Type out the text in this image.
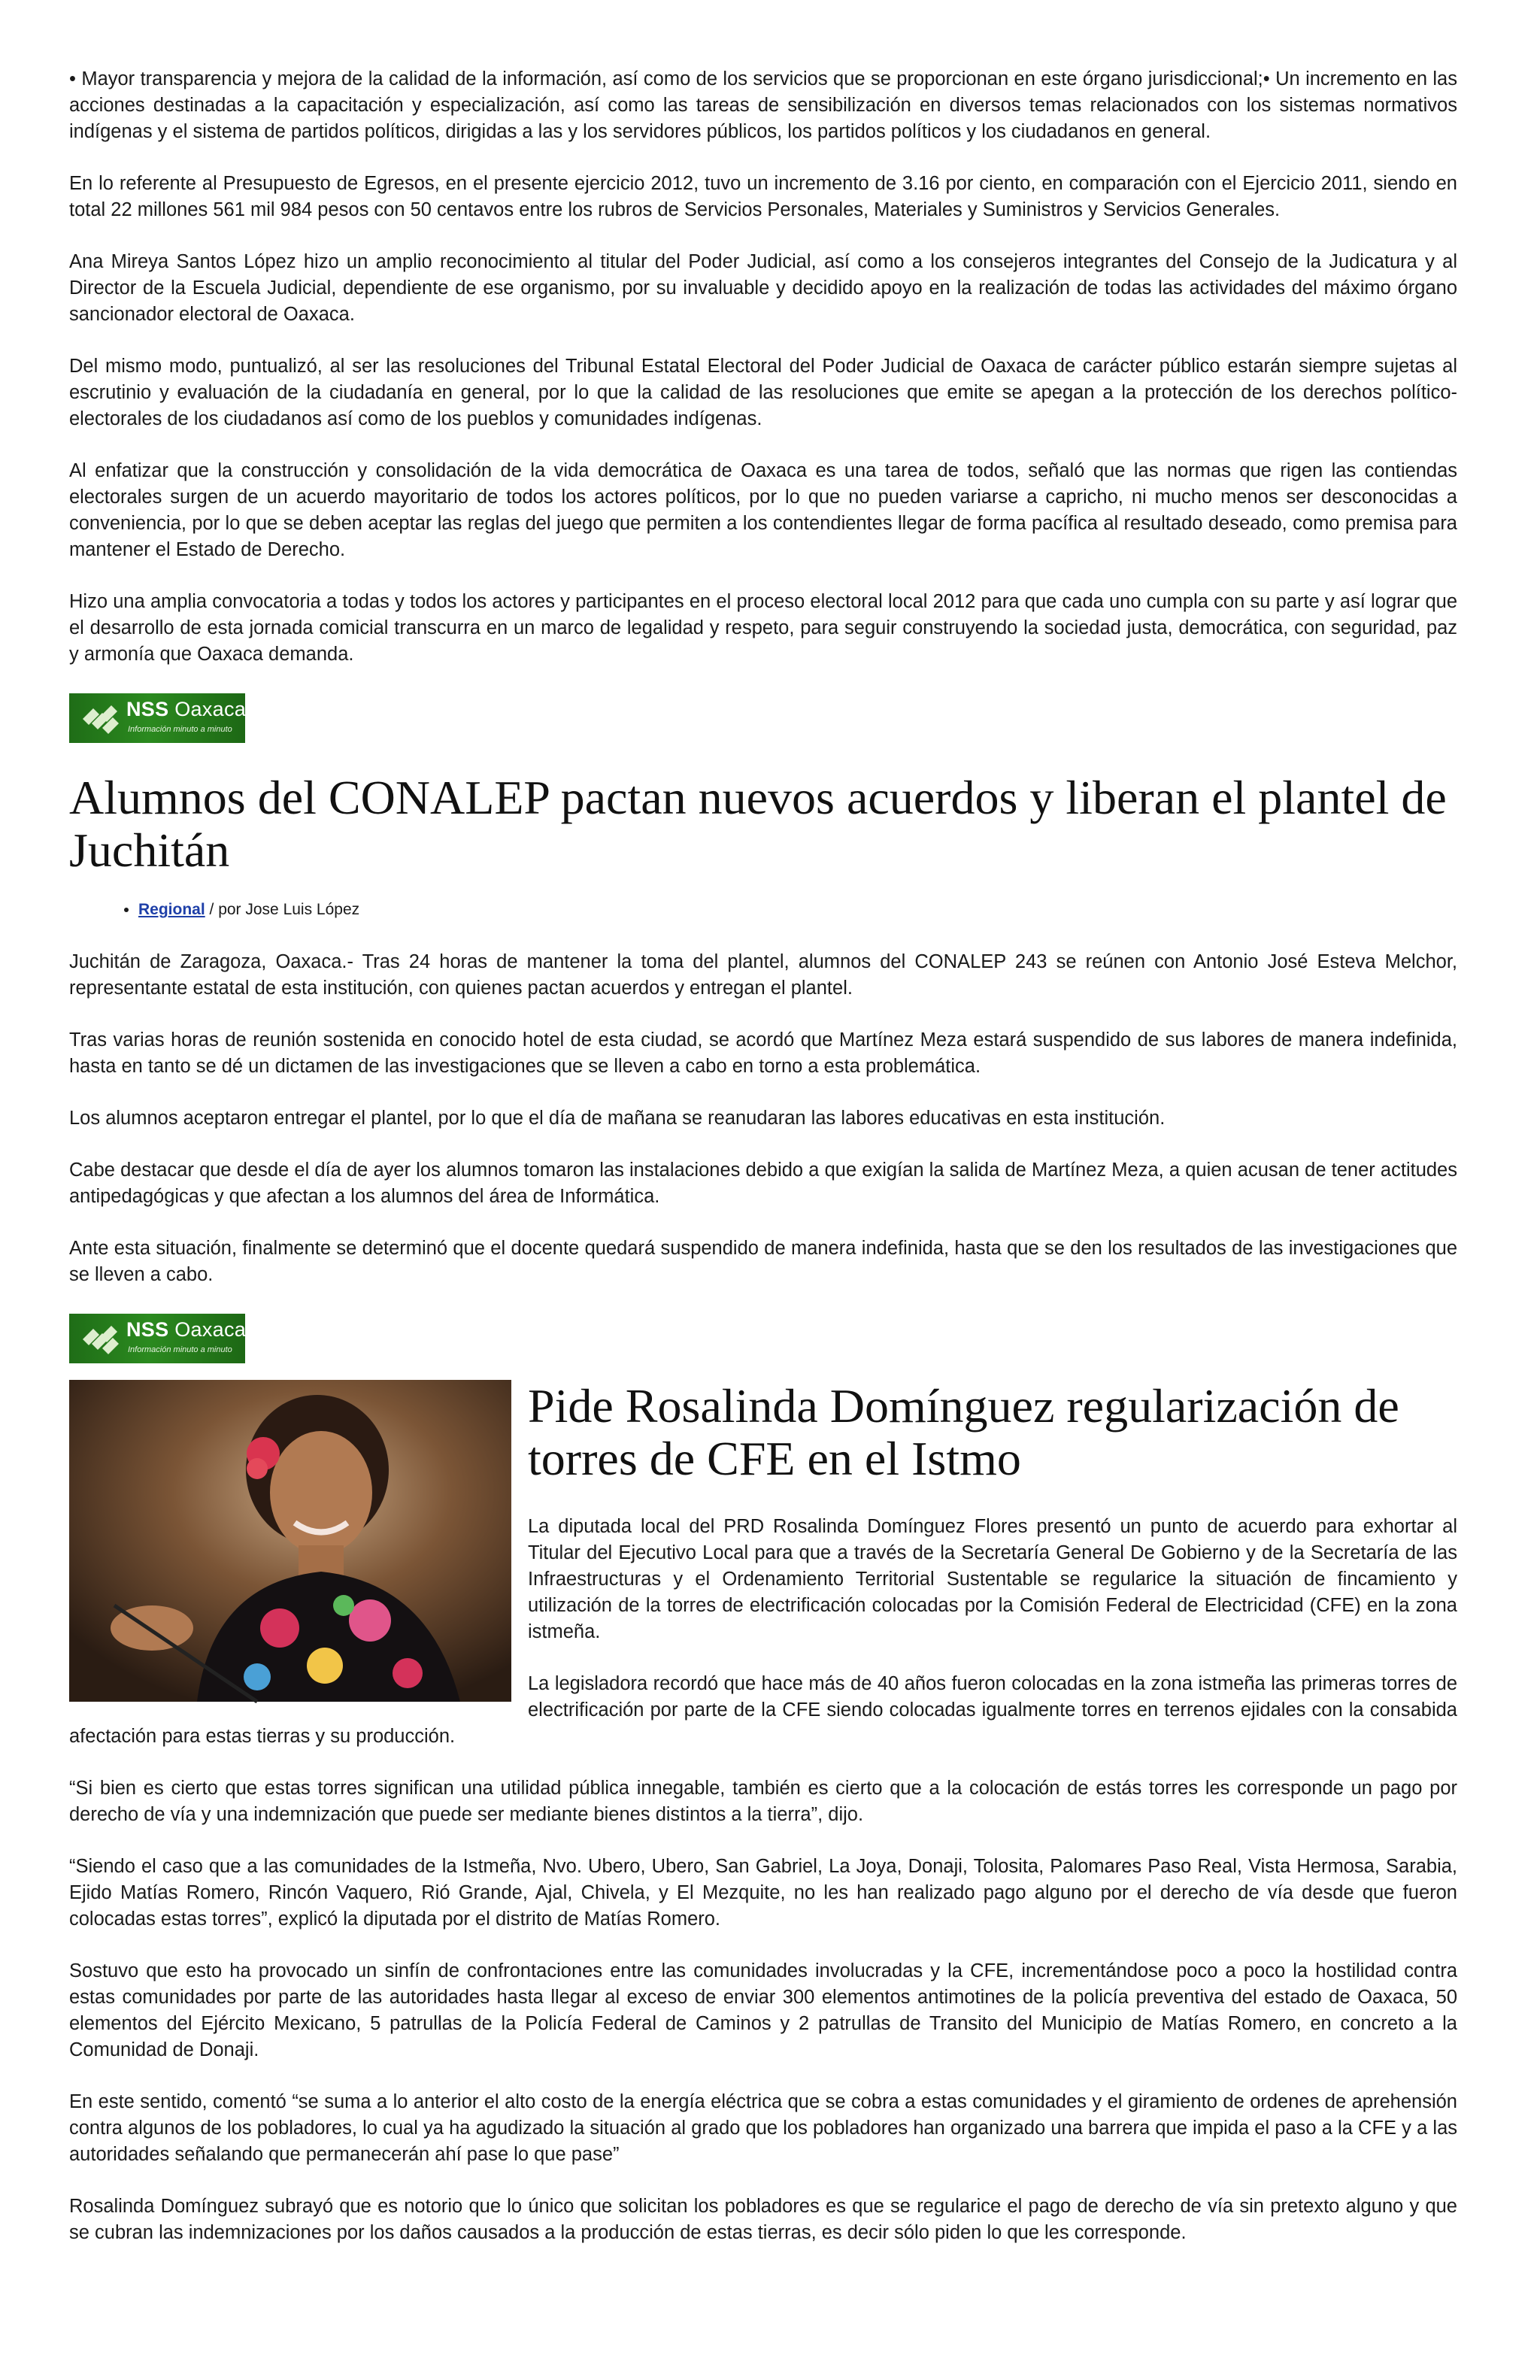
• Mayor transparencia y mejora de la calidad de la información, así como de los servicios que se proporcionan en este órgano jurisdiccional;• Un incremento en las acciones destinadas a la capacitación y especialización, así como las tareas de sensibilización en diversos temas relacionados con los sistemas normativos indígenas y el sistema de partidos políticos, dirigidas a las y los servidores públicos, los partidos políticos y los ciudadanos en general.

En lo referente al Presupuesto de Egresos, en el presente ejercicio 2012, tuvo un incremento de 3.16 por ciento, en comparación con el Ejercicio 2011, siendo en total 22 millones 561 mil 984 pesos con 50 centavos entre los rubros de Servicios Personales, Materiales y Suministros y Servicios Generales.

Ana Mireya Santos López hizo un amplio reconocimiento al titular del Poder Judicial, así como a los consejeros integrantes del Consejo de la Judicatura y al Director de la Escuela Judicial, dependiente de ese organismo, por su invaluable y decidido apoyo en la realización de todas las actividades del máximo órgano sancionador electoral de Oaxaca.

Del mismo modo, puntualizó, al ser las resoluciones del Tribunal Estatal Electoral del Poder Judicial de Oaxaca de carácter público estarán siempre sujetas al escrutinio y evaluación de la ciudadanía en general, por lo que la calidad de las resoluciones que emite se apegan a la protección de los derechos político-electorales de los ciudadanos así como de los pueblos y comunidades indígenas.

Al enfatizar que la construcción y consolidación de la vida democrática de Oaxaca es una tarea de todos, señaló que las normas que rigen las contiendas electorales surgen de un acuerdo mayoritario de todos los actores políticos, por lo que no pueden variarse a capricho, ni mucho menos ser desconocidas a conveniencia, por lo que se deben aceptar las reglas del juego que permiten a los contendientes llegar de forma pacífica al resultado deseado, como premisa para mantener el Estado de Derecho.

Hizo una amplia convocatoria a todas y todos los actores y participantes en el proceso electoral local 2012 para que cada uno cumpla con su parte y así lograr que el desarrollo de esta jornada comicial transcurra en un marco de legalidad y respeto, para seguir construyendo la sociedad justa, democrática, con seguridad, paz y armonía que Oaxaca demanda.

NSS Oaxaca®
Información minuto a minuto
Alumnos del CONALEP pactan nuevos acuerdos y liberan el plantel de Juchitán
• Regional / por Jose Luis López

Juchitán de Zaragoza, Oaxaca.- Tras 24 horas de mantener la toma del plantel, alumnos del CONALEP 243 se reúnen con Antonio José Esteva Melchor, representante estatal de esta institución, con quienes pactan acuerdos y entregan el plantel.

Tras varias horas de reunión sostenida en conocido hotel de esta ciudad, se acordó que Martínez Meza estará suspendido de sus labores de manera indefinida, hasta en tanto se dé un dictamen de las investigaciones que se lleven a cabo en torno a esta problemática.

Los alumnos aceptaron entregar el plantel, por lo que el día de mañana se reanudaran las labores educativas en esta institución.

Cabe destacar que desde el día de ayer los alumnos tomaron las instalaciones debido a que exigían la salida de Martínez Meza, a quien acusan de tener actitudes antipedagógicas y que afectan a los alumnos del área de Informática.

Ante esta situación, finalmente se determinó que el docente quedará suspendido de manera indefinida, hasta que se den los resultados de las investigaciones que se lleven a cabo.

NSS Oaxaca®
Información minuto a minuto
Pide Rosalinda Domínguez regularización de torres de CFE en el Istmo

La diputada local del PRD Rosalinda Domínguez Flores presentó un punto de acuerdo para exhortar al Titular del Ejecutivo Local para que a través de la Secretaría General De Gobierno y de la Secretaría de las Infraestructuras y el Ordenamiento Territorial Sustentable se regularice la situación de fincamiento y utilización de la torres de electrificación colocadas por la Comisión Federal de Electricidad (CFE) en la zona istmeña.

La legisladora recordó que hace más de 40 años fueron colocadas en la zona istmeña las primeras torres de electrificación por parte de la CFE siendo colocadas igualmente torres en terrenos ejidales con la consabida afectación para estas tierras y su producción.

“Si bien es cierto que estas torres significan una utilidad pública innegable, también es cierto que a la colocación de estás torres les corresponde un pago por derecho de vía y una indemnización que puede ser mediante bienes distintos a la tierra”, dijo.

“Siendo el caso que a las comunidades de la Istmeña, Nvo. Ubero, Ubero, San Gabriel, La Joya, Donaji, Tolosita, Palomares Paso Real, Vista Hermosa, Sarabia, Ejido Matías Romero, Rincón Vaquero, Rió Grande, Ajal, Chivela, y El Mezquite, no les han realizado pago alguno por el derecho de vía desde que fueron colocadas estas torres”, explicó la diputada por el distrito de Matías Romero.

Sostuvo que esto ha provocado un sinfín de confrontaciones entre las comunidades involucradas y la CFE, incrementándose poco a poco la hostilidad contra estas comunidades por parte de las autoridades hasta llegar al exceso de enviar 300 elementos antimotines de la policía preventiva del estado de Oaxaca, 50 elementos del Ejército Mexicano, 5 patrullas de la Policía Federal de Caminos y 2 patrullas de Transito del Municipio de Matías Romero, en concreto a la Comunidad de Donaji.

En este sentido, comentó “se suma a lo anterior el alto costo de la energía eléctrica que se cobra a estas comunidades y el giramiento de ordenes de aprehensión contra algunos de los pobladores, lo cual ya ha agudizado la situación al grado que los pobladores han organizado una barrera que impida el paso a la CFE y a las autoridades señalando que permanecerán ahí pase lo que pase”

Rosalinda Domínguez subrayó que es notorio que lo único que solicitan los pobladores es que se regularice el pago de derecho de vía sin pretexto alguno y que se cubran las indemnizaciones por los daños causados a la producción de estas tierras, es decir sólo piden lo que les corresponde.
